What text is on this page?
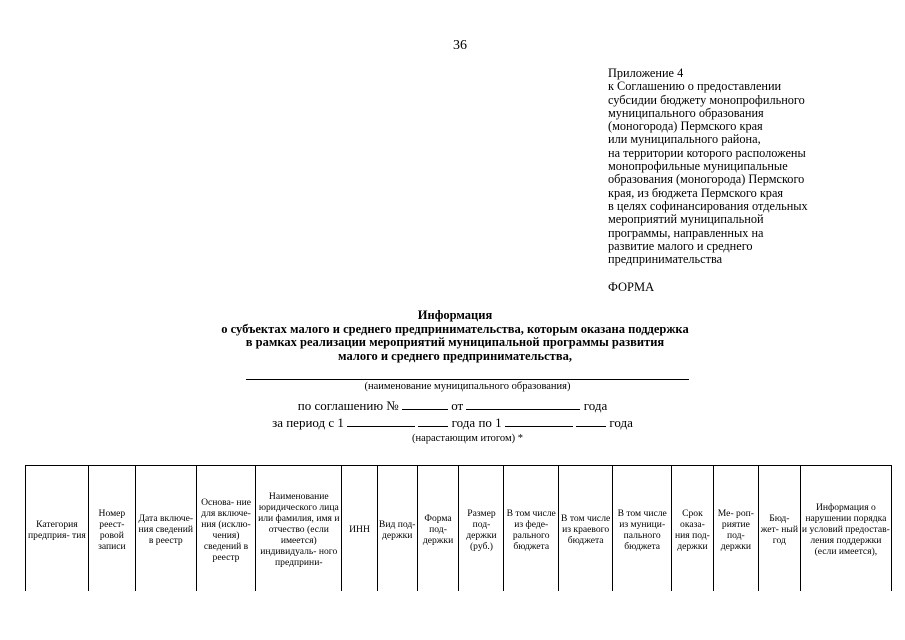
36
Приложение 4
к Соглашению о предоставлении
субсидии бюджету монопрофильного
муниципального образования
(моногорода) Пермского края
или муниципального района,
на территории которого расположены
монопрофильные муниципальные
образования (моногорода) Пермского
края, из бюджета Пермского края
в целях софинансирования отдельных
мероприятий муниципальной
программы, направленных на
развитие малого и среднего
предпринимательства
ФОРМА
Информация
о субъектах малого и среднего предпринимательства, которым оказана поддержка
в рамках реализации мероприятий муниципальной программы развития
малого и среднего предпринимательства,
(наименование муниципального образования)
по соглашению №	от	года
за период с 1	года по 1	года
(нарастающим итогом) *
Категория предприя- тия	Номер реест- ровой записи	Дата включе- ния сведений в реестр	Основа- ние для включе- ния (исклю- чения) сведений в реестр	Наименование юридического лица или фамилия, имя и отчество (если имеется) индивидуаль- ного предприни-	ИНН	Вид под- держки	Форма под- держки	Размер под- держки (руб.)	В том числе из феде- рального бюджета	В том числе из краевого бюджета	В том числе из муници- пального бюджета	Срок оказа- ния под- держки	Ме- роп- риятие под- держки	Бюд- жет- ный год	Информация о нарушении порядка и условий предостав- ления поддержки (если имеется),
